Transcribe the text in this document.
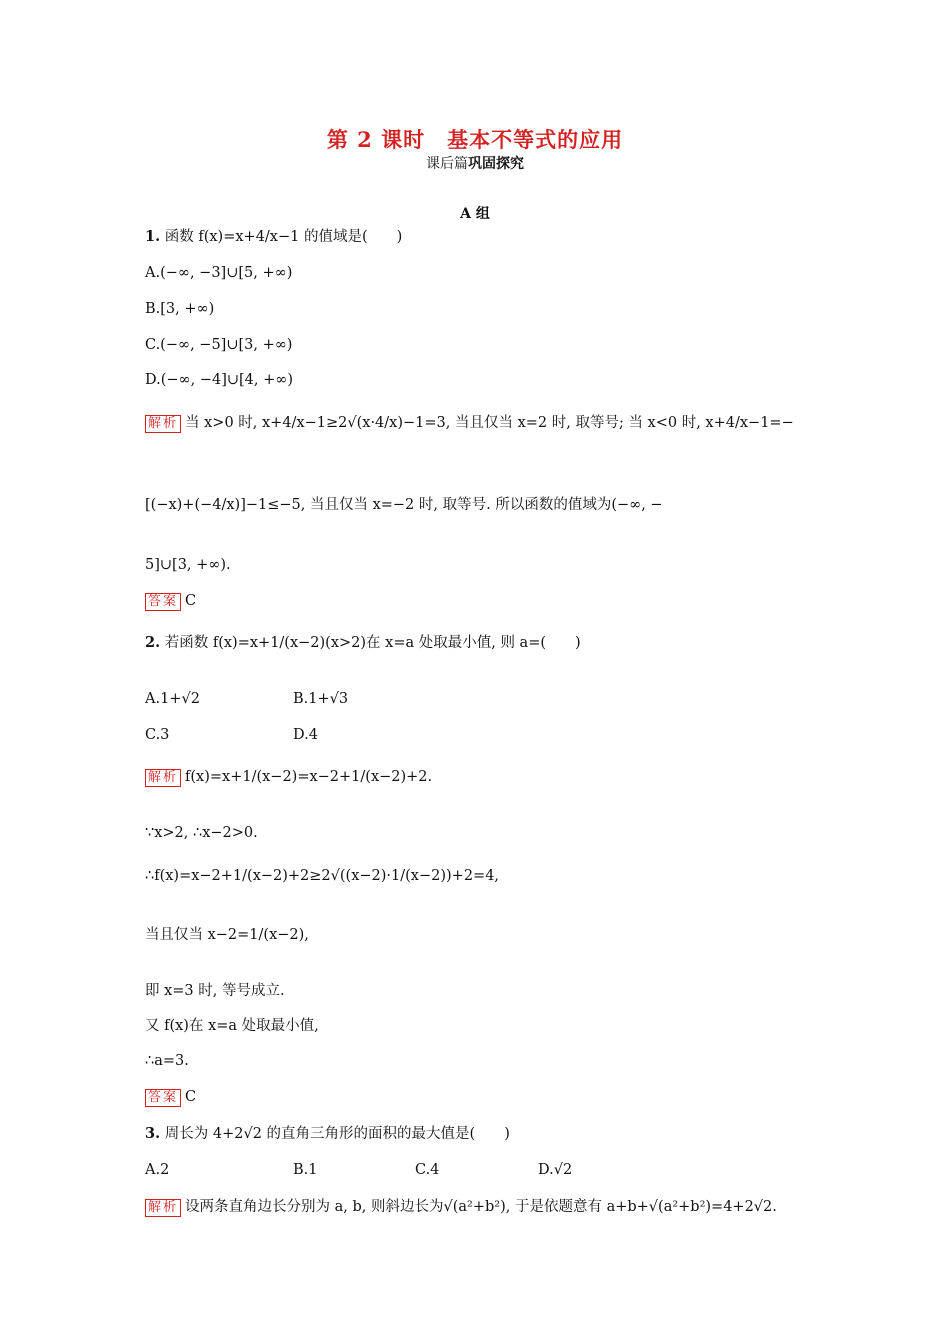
第 2 课时　基本不等式的应用
课后篇巩固探究
A 组
1. 函数 f(x)=x+4/x−1 的值域是(　　)
A.(−∞, −3]∪[5, +∞)
B.[3, +∞)
C.(−∞, −5]∪[3, +∞)
D.(−∞, −4]∪[4, +∞)
解析 当 x>0 时, x+4/x−1≥2√(x·4/x)−1=3, 当且仅当 x=2 时, 取等号; 当 x<0 时, x+4/x−1=−
[(−x)+(−4/x)]−1≤−5, 当且仅当 x=−2 时, 取等号. 所以函数的值域为(−∞, −
5]∪[3, +∞).
答案 C
2. 若函数 f(x)=x+1/(x−2)(x>2)在 x=a 处取最小值, 则 a=(　　)
A.1+√2	B.1+√3
C.3	D.4
解析 f(x)=x+1/(x−2)=x−2+1/(x−2)+2.
∵x>2, ∴x−2>0.
∴f(x)=x−2+1/(x−2)+2≥2√((x−2)·1/(x−2))+2=4,
当且仅当 x−2=1/(x−2),
即 x=3 时, 等号成立.
又 f(x)在 x=a 处取最小值,
∴a=3.
答案 C
3. 周长为 4+2√2 的直角三角形的面积的最大值是(　　)
A.2	B.1	C.4	D.√2
解析 设两条直角边长分别为 a, b, 则斜边长为√(a²+b²), 于是依题意有 a+b+√(a²+b²)=4+2√2.
